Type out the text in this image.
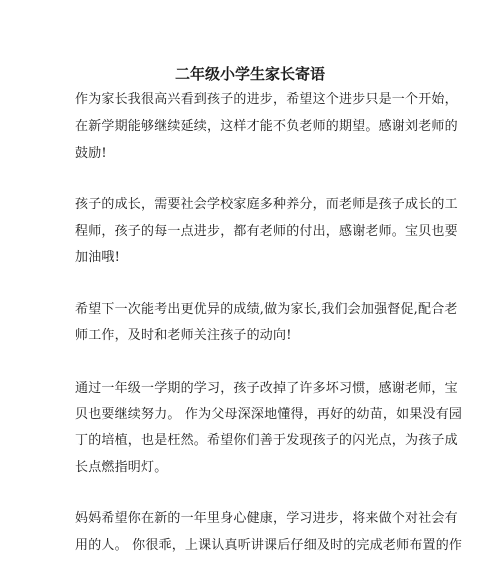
二年级小学生家长寄语
作为家长我很高兴看到孩子的进步，希望这个进步只是一个开始，
在新学期能够继续延续，这样才能不负老师的期望。感谢刘老师的
鼓励!
孩子的成长，需要社会学校家庭多种养分，而老师是孩子成长的工
程师，孩子的每一点进步，都有老师的付出，感谢老师。宝贝也要
加油哦!
希望下一次能考出更优异的成绩,做为家长,我们会加强督促,配合老
师工作，及时和老师关注孩子的动向!
通过一年级一学期的学习，孩子改掉了许多坏习惯，感谢老师，宝
贝也要继续努力。 作为父母深深地懂得，再好的幼苗，如果没有园
丁的培植，也是枉然。希望你们善于发现孩子的闪光点，为孩子成
长点燃指明灯。
妈妈希望你在新的一年里身心健康，学习进步，将来做个对社会有
用的人。 你很乖，上课认真听讲课后仔细及时的完成老师布置的作
